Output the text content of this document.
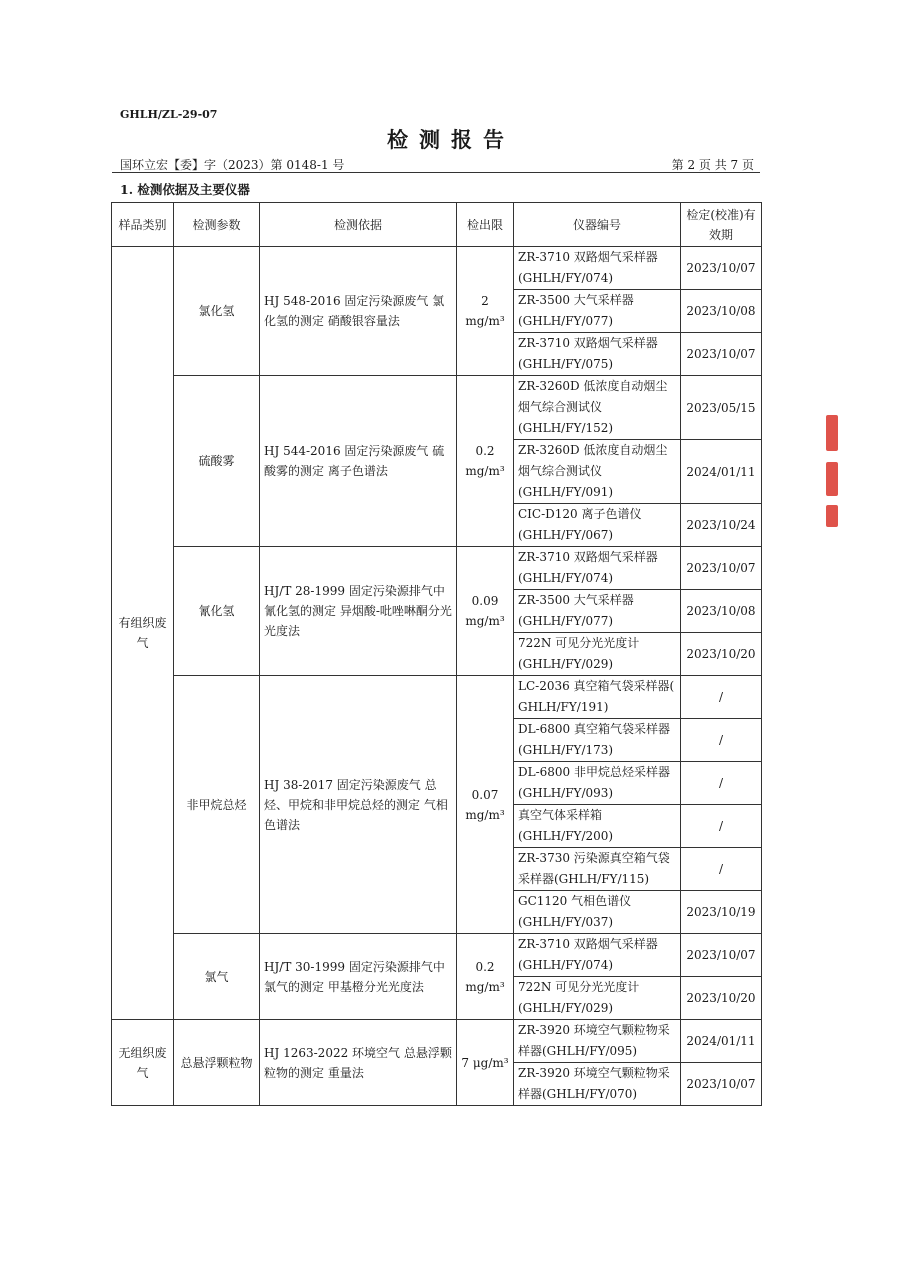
GHLH/ZL-29-07
检测报告
国环立宏【委】字（2023）第 0148-1 号	第 2 页 共 7 页
1. 检测依据及主要仪器
样品类别	检测参数	检测依据	检出限	仪器编号	检定(校准)有效期
有组织废气	氯化氢	HJ 548-2016 固定污染源废气 氯化氢的测定 硝酸银容量法	2 mg/m³	ZR-3710 双路烟气采样器 (GHLH/FY/074)	2023/10/07
				ZR-3500 大气采样器 (GHLH/FY/077)	2023/10/08
				ZR-3710 双路烟气采样器 (GHLH/FY/075)	2023/10/07
	硫酸雾	HJ 544-2016 固定污染源废气 硫酸雾的测定 离子色谱法	0.2 mg/m³	ZR-3260D 低浓度自动烟尘烟气综合测试仪 (GHLH/FY/152)	2023/05/15
				ZR-3260D 低浓度自动烟尘烟气综合测试仪 (GHLH/FY/091)	2024/01/11
				CIC-D120 离子色谱仪 (GHLH/FY/067)	2023/10/24
	氰化氢	HJ/T 28-1999 固定污染源排气中氰化氢的测定 异烟酸-吡唑啉酮分光光度法	0.09 mg/m³	ZR-3710 双路烟气采样器 (GHLH/FY/074)	2023/10/07
				ZR-3500 大气采样器 (GHLH/FY/077)	2023/10/08
				722N 可见分光光度计 (GHLH/FY/029)	2023/10/20
	非甲烷总烃	HJ 38-2017 固定污染源废气 总烃、甲烷和非甲烷总烃的测定 气相色谱法	0.07 mg/m³	LC-2036 真空箱气袋采样器( GHLH/FY/191)	/
				DL-6800 真空箱气袋采样器(GHLH/FY/173)	/
				DL-6800 非甲烷总烃采样器(GHLH/FY/093)	/
				真空气体采样箱 (GHLH/FY/200)	/
				ZR-3730 污染源真空箱气袋采样器(GHLH/FY/115)	/
				GC1120 气相色谱仪 (GHLH/FY/037)	2023/10/19
	氯气	HJ/T 30-1999 固定污染源排气中氯气的测定 甲基橙分光光度法	0.2 mg/m³	ZR-3710 双路烟气采样器 (GHLH/FY/074)	2023/10/07
				722N 可见分光光度计 (GHLH/FY/029)	2023/10/20
无组织废气	总悬浮颗粒物	HJ 1263-2022 环境空气 总悬浮颗粒物的测定 重量法	7 μg/m³	ZR-3920 环境空气颗粒物采样器(GHLH/FY/095)	2024/01/11
				ZR-3920 环境空气颗粒物采样器(GHLH/FY/070)	2023/10/07
